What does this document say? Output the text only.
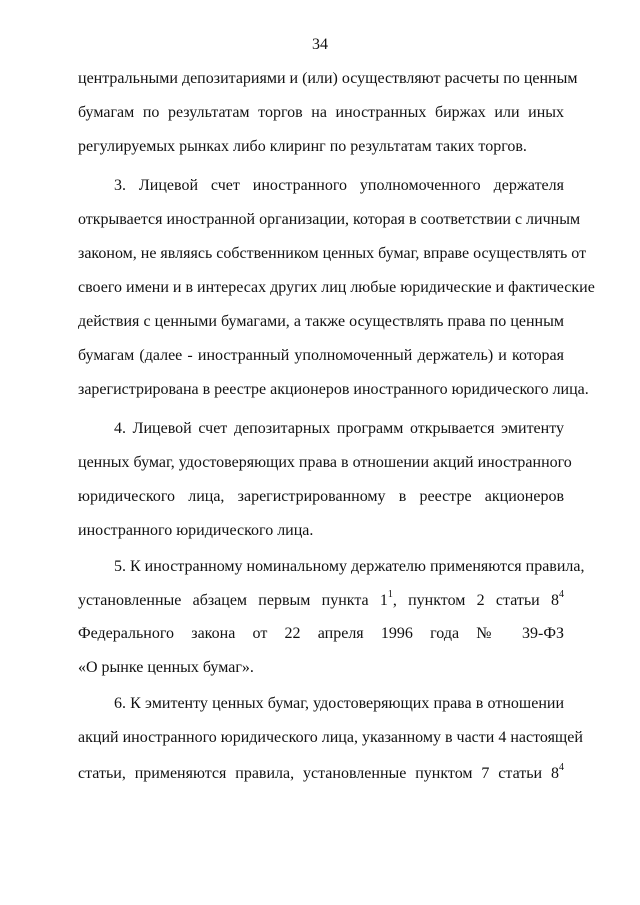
34
центральными депозитариями и (или) осуществляют расчеты по ценным
бумагам по результатам торгов на иностранных биржах или иных
регулируемых рынках либо клиринг по результатам таких торгов.
3. Лицевой счет иностранного уполномоченного держателя
открывается иностранной организации, которая в соответствии с личным
законом, не являясь собственником ценных бумаг, вправе осуществлять от
своего имени и в интересах других лиц любые юридические и фактические
действия с ценными бумагами, а также осуществлять права по ценным
бумагам (далее - иностранный уполномоченный держатель) и которая
зарегистрирована в реестре акционеров иностранного юридического лица.
4. Лицевой счет депозитарных программ открывается эмитенту
ценных бумаг, удостоверяющих права в отношении акций иностранного
юридического лица, зарегистрированному в реестре акционеров
иностранного юридического лица.
5. К иностранному номинальному держателю применяются правила,
Федерального закона от 22 апреля 1996 года № 39-ФЗ
«О рынке ценных бумаг».
6. К эмитенту ценных бумаг, удостоверяющих права в отношении
акций иностранного юридического лица, указанному в части 4 настоящей
установленные абзацем первым пункта $1^1$, пунктом 2 статьи $8^4$
статьи, применяются правила, установленные пунктом 7 статьи $8^4$
